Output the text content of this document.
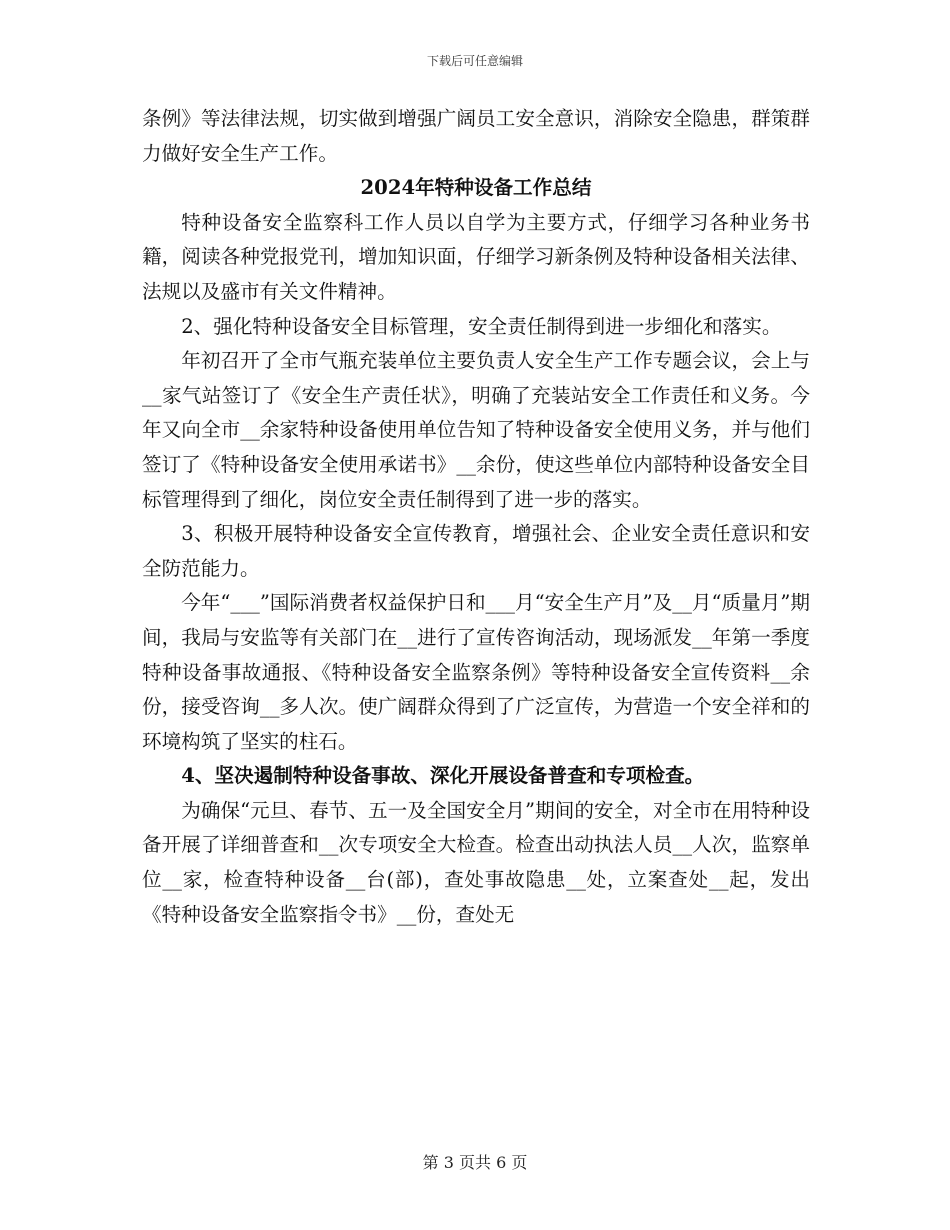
下载后可任意编辑

条例》等法律法规，切实做到增强广阔员工安全意识，消除安全隐患，群策群力做好安全生产工作。

2024年特种设备工作总结

特种设备安全监察科工作人员以自学为主要方式，仔细学习各种业务书籍，阅读各种党报党刊，增加知识面，仔细学习新条例及特种设备相关法律、法规以及盛市有关文件精神。

2、强化特种设备安全目标管理，安全责任制得到进一步细化和落实。

年初召开了全市气瓶充装单位主要负责人安全生产工作专题会议，会上与__家气站签订了《安全生产责任状》，明确了充装站安全工作责任和义务。今年又向全市__余家特种设备使用单位告知了特种设备安全使用义务，并与他们签订了《特种设备安全使用承诺书》__余份，使这些单位内部特种设备安全目标管理得到了细化，岗位安全责任制得到了进一步的落实。

3、积极开展特种设备安全宣传教育，增强社会、企业安全责任意识和安全防范能力。

今年“___”国际消费者权益保护日和___月“安全生产月”及__月“质量月”期间，我局与安监等有关部门在__进行了宣传咨询活动，现场派发__年第一季度特种设备事故通报、《特种设备安全监察条例》等特种设备安全宣传资料__余份，接受咨询__多人次。使广阔群众得到了广泛宣传，为营造一个安全祥和的环境构筑了坚实的柱石。

4、坚决遏制特种设备事故、深化开展设备普查和专项检查。

为确保“元旦、春节、五一及全国安全月”期间的安全，对全市在用特种设备开展了详细普查和__次专项安全大检查。检查出动执法人员__人次，监察单位__家，检查特种设备__台(部)，查处事故隐患__处，立案查处__起，发出《特种设备安全监察指令书》__份，查处无

第 3 页共 6 页
